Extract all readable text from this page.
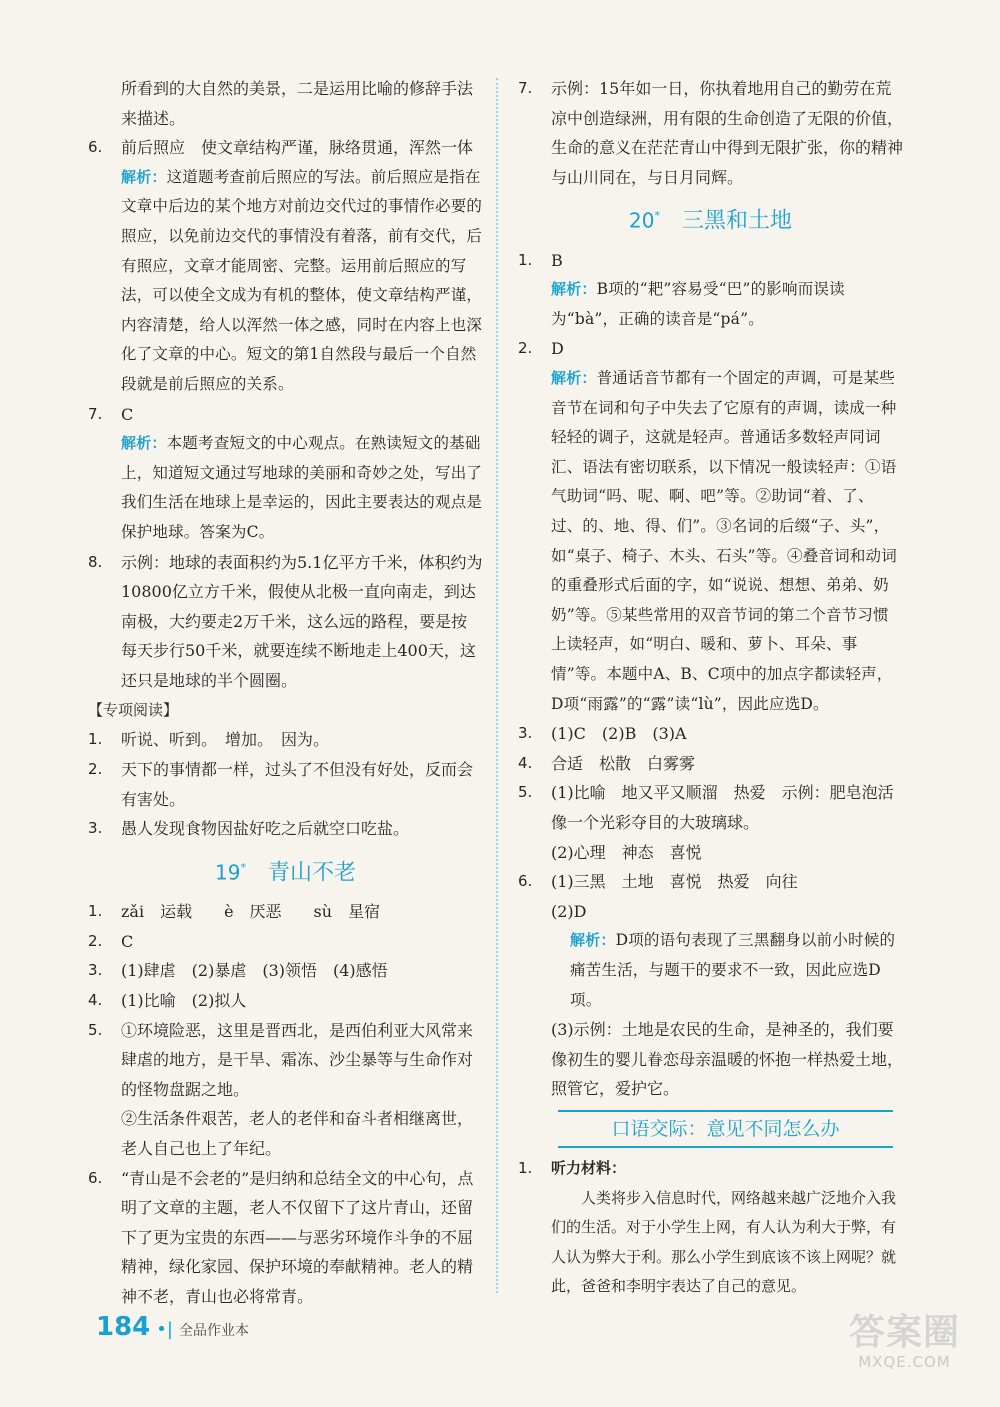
所看到的大自然的美景，二是运用比喻的修辞手法来描述。

6. 前后照应　使文章结构严谨，脉络贯通，浑然一体

解析：这道题考查前后照应的写法。前后照应是指在文章中后边的某个地方对前边交代过的事情作必要的照应，以免前边交代的事情没有着落，前有交代，后有照应，文章才能周密、完整。运用前后照应的写法，可以使全文成为有机的整体，使文章结构严谨，内容清楚，给人以浑然一体之感，同时在内容上也深化了文章的中心。短文的第1自然段与最后一个自然段就是前后照应的关系。

7. C

解析：本题考查短文的中心观点。在熟读短文的基础上，知道短文通过写地球的美丽和奇妙之处，写出了我们生活在地球上是幸运的，因此主要表达的观点是保护地球。答案为C。

8. 示例：地球的表面积约为5.1亿平方千米，体积约为10800亿立方千米，假使从北极一直向南走，到达南极，大约要走2万千米，这么远的路程，要是按每天步行50千米，就要连续不断地走上400天，这还只是地球的半个圆圈。

【专项阅读】

1. 听说、听到。　增加。　因为。

2. 天下的事情都一样，过头了不但没有好处，反而会有害处。

3. 愚人发现食物因盐好吃之后就空口吃盐。

19*　 青山不老

1. zǎi　运载　　è　厌恶　　sù　星宿

2. C

3. (1)肆虐　(2)暴虐　(3)领悟　(4)感悟

4. (1)比喻　(2)拟人

5. ①环境险恶，这里是晋西北，是西伯利亚大风常来肆虐的地方，是干旱、霜冻、沙尘暴等与生命作对的怪物盘踞之地。
②生活条件艰苦，老人的老伴和奋斗者相继离世，老人自己也上了年纪。

6. “青山是不会老的”是归纳和总结全文的中心句，点明了文章的主题，老人不仅留下了这片青山，还留下了更为宝贵的东西——与恶劣环境作斗争的不屈精神，绿化家园、保护环境的奉献精神。老人的精神不老，青山也必将常青。

7. 示例：15年如一日，你执着地用自己的勤劳在荒凉中创造绿洲，用有限的生命创造了无限的价值，生命的意义在茫茫青山中得到无限扩张，你的精神与山川同在，与日月同辉。

20*　 三黑和土地

1. B

解析：B项的“耙”容易受“巴”的影响而误读为“bà”，正确的读音是“pá”。

2. D

解析：普通话音节都有一个固定的声调，可是某些音节在词和句子中失去了它原有的声调，读成一种轻轻的调子，这就是轻声。普通话多数轻声同词汇、语法有密切联系，以下情况一般读轻声：①语气助词“吗、呢、啊、吧”等。②助词“着、了、过、的、地、得、们”。③名词的后缀“子、头”，如“桌子、椅子、木头、石头”等。④叠音词和动词的重叠形式后面的字，如“说说、想想、弟弟、奶奶”等。⑤某些常用的双音节词的第二个音节习惯上读轻声，如“明白、暖和、萝卜、耳朵、事情”等。本题中A、B、C项中的加点字都读轻声，D项“雨露”的“露”读“lù”，因此应选D。

3. (1)C　(2)B　(3)A

4. 合适　松散　白雾雾

5. (1)比喻　地又平又顺溜　热爱　示例：肥皂泡活像一个光彩夺目的大玻璃球。
(2)心理　神态　喜悦

6. (1)三黑　土地　喜悦　热爱　向往
(2)D
解析：D项的语句表现了三黑翻身以前小时候的痛苦生活，与题干的要求不一致，因此应选D项。
(3)示例：土地是农民的生命，是神圣的，我们要像初生的婴儿眷恋母亲温暖的怀抱一样热爱土地，照管它，爱护它。

口语交际：意见不同怎么办

1. 听力材料：
人类将步入信息时代，网络越来越广泛地介入我们的生活。对于小学生上网，有人认为利大于弊，有人认为弊大于利。那么小学生到底该不该上网呢？就此，爸爸和李明宇表达了自己的意见。

184 •| 全品作业本	答案圈
MXQE.COM
